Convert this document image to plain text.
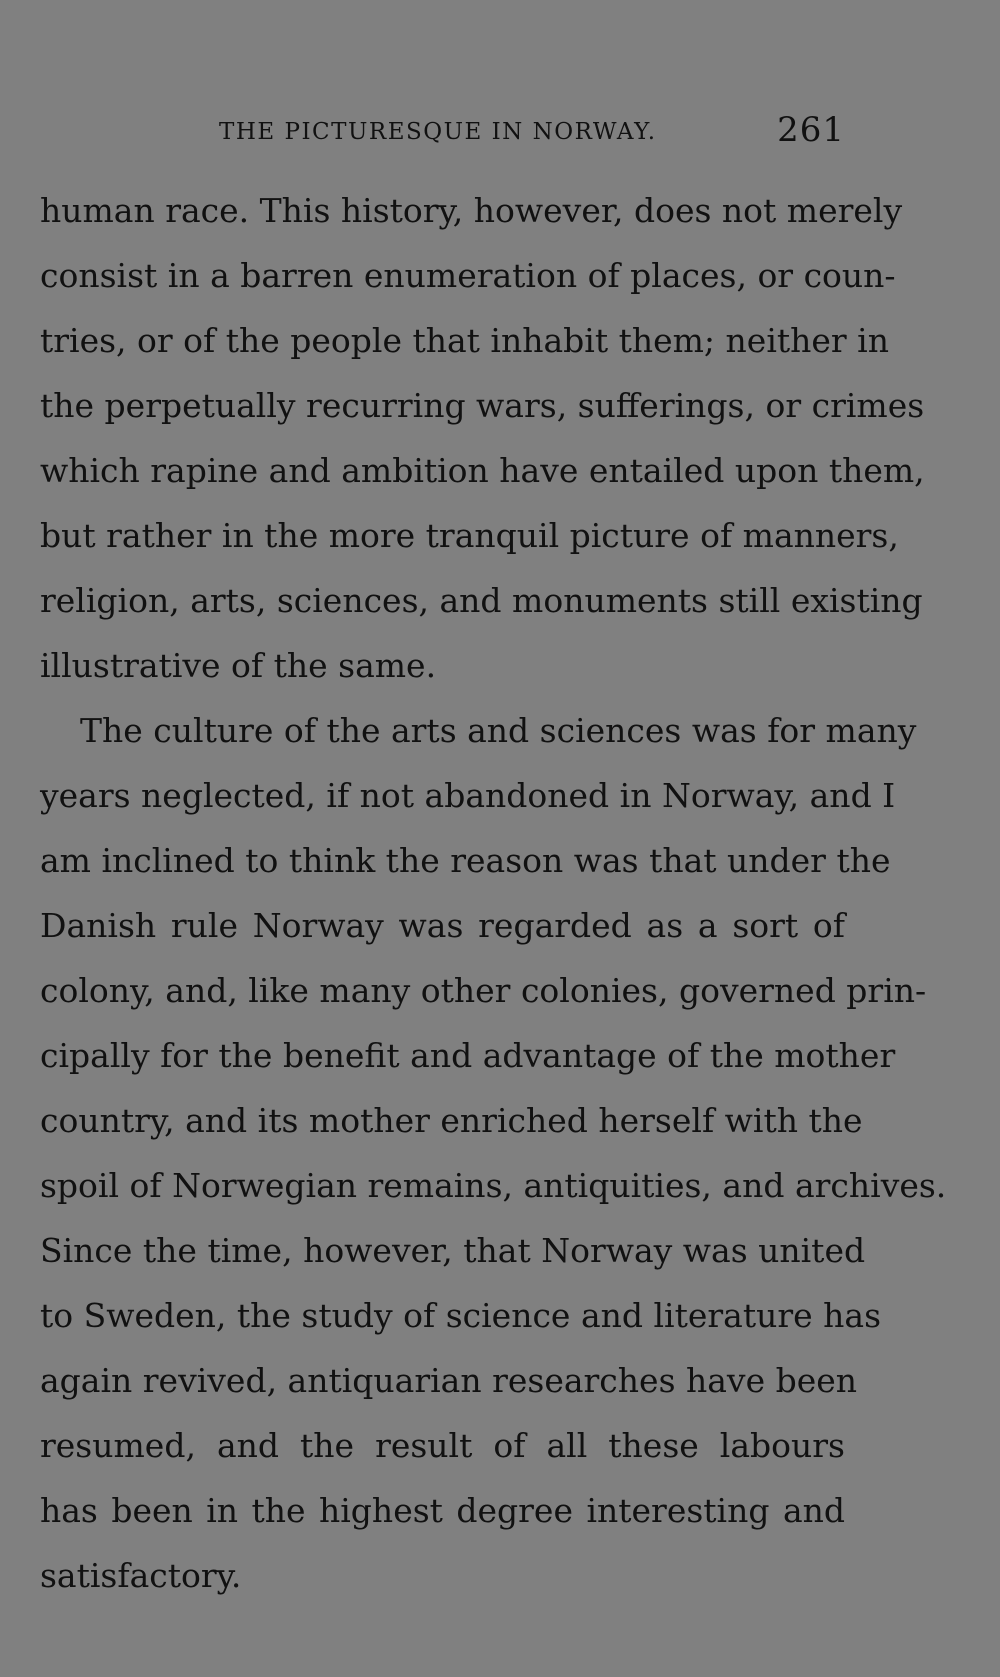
THE PICTURESQUE IN NORWAY.	261
human race. This history, however, does not merely
consist in a barren enumeration of places, or coun-
tries, or of the people that inhabit them; neither in
the perpetually recurring wars, sufferings, or crimes
which rapine and ambition have entailed upon them,
but rather in the more tranquil picture of manners,
religion, arts, sciences, and monuments still existing
illustrative of the same.
The culture of the arts and sciences was for many
years neglected, if not abandoned in Norway, and I
am inclined to think the reason was that under the
Danish rule Norway was regarded as a sort of
colony, and, like many other colonies, governed prin-
cipally for the benefit and advantage of the mother
country, and its mother enriched herself with the
spoil of Norwegian remains, antiquities, and archives.
Since the time, however, that Norway was united
to Sweden, the study of science and literature has
again revived, antiquarian researches have been
resumed, and the result of all these labours
has been in the highest degree interesting and
satisfactory.
